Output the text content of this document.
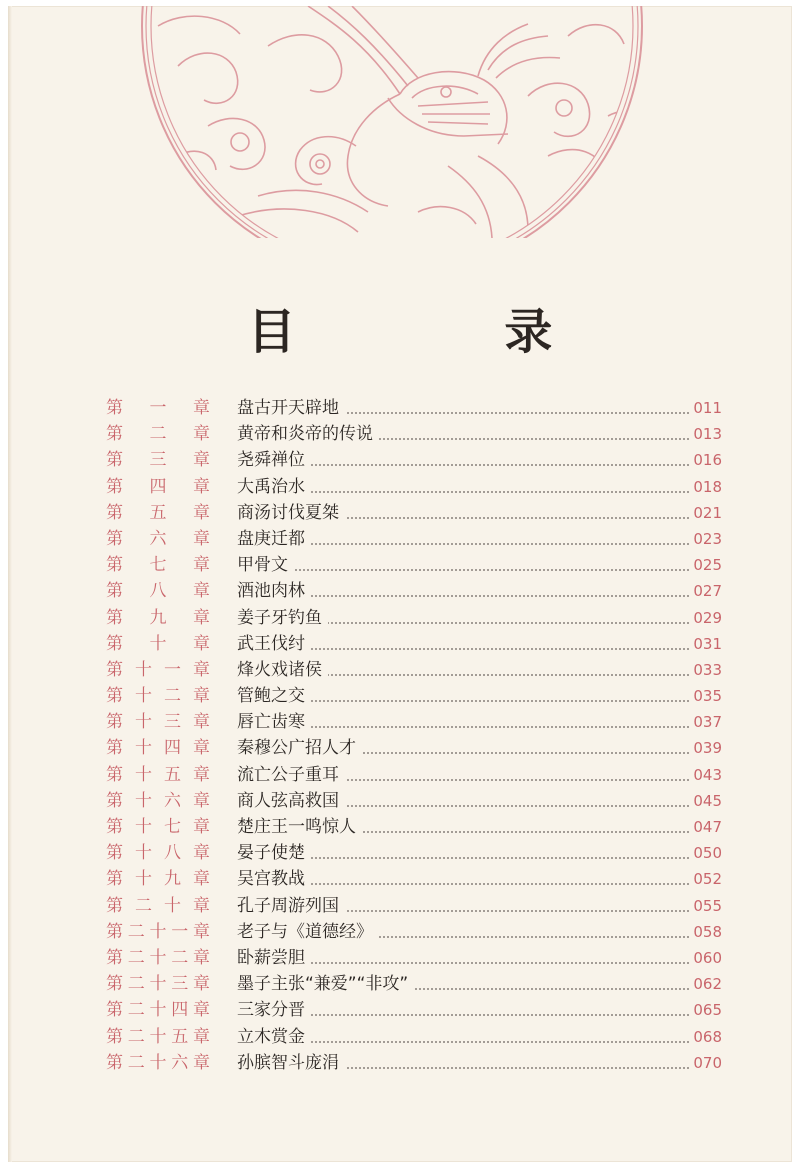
目 录
第 一 章 盘古开天辟地	011
第 二 章 黄帝和炎帝的传说	013
第 三 章 尧舜禅位	016
第 四 章 大禹治水	018
第 五 章 商汤讨伐夏桀	021
第 六 章 盘庚迁都	023
第 七 章 甲骨文	025
第 八 章 酒池肉林	027
第 九 章 姜子牙钓鱼	029
第 十 章 武王伐纣	031
第 十 一 章 烽火戏诸侯	033
第 十 二 章 管鲍之交	035
第 十 三 章 唇亡齿寒	037
第 十 四 章 秦穆公广招人才	039
第 十 五 章 流亡公子重耳	043
第 十 六 章 商人弦高救国	045
第 十 七 章 楚庄王一鸣惊人	047
第 十 八 章 晏子使楚	050
第 十 九 章 吴宫教战	052
第 二 十 章 孔子周游列国	055
第 二 十 一 章 老子与《道德经》	058
第 二 十 二 章 卧薪尝胆	060
第 二 十 三 章 墨子主张“兼爱”“非攻”	062
第 二 十 四 章 三家分晋	065
第 二 十 五 章 立木赏金	068
第 二 十 六 章 孙膑智斗庞涓	070
